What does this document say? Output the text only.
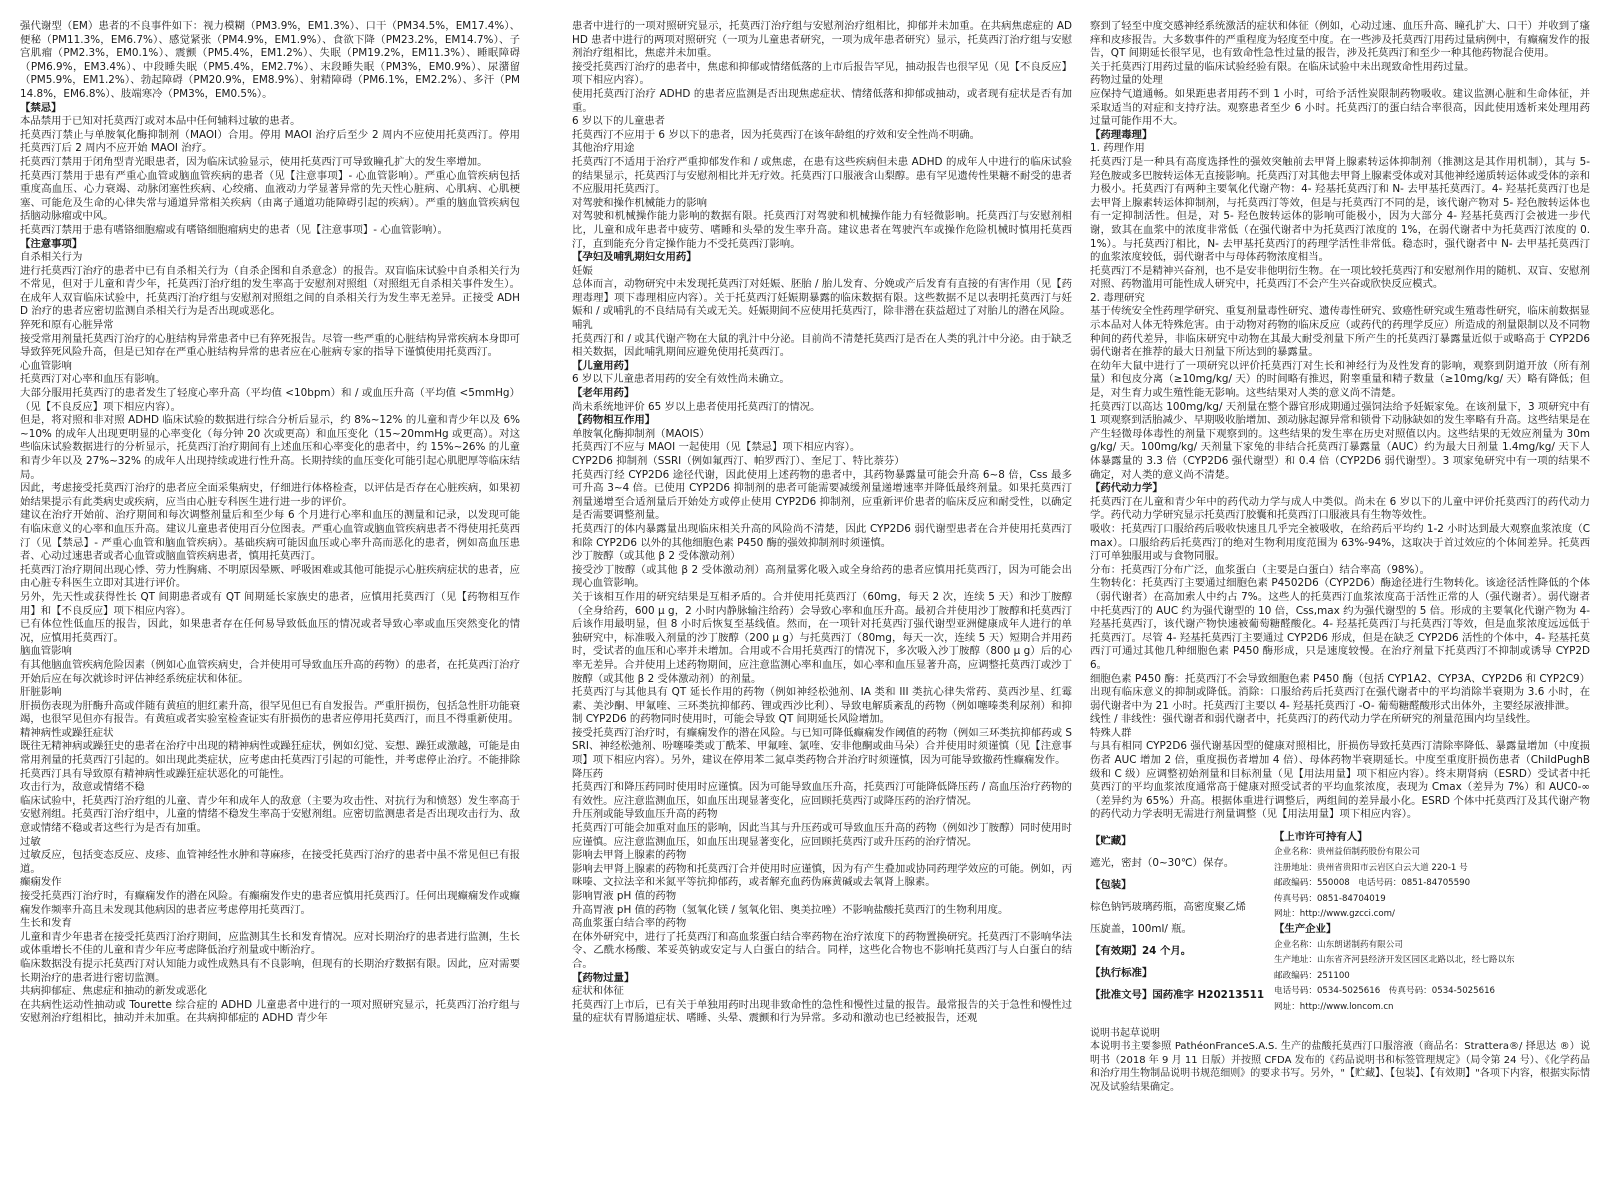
强代谢型（EM）患者的不良事件如下：视力模糊（PM3.9%，EM1.3%）、口干（PM34.5%，EM17.4%）、便秘（PM11.3%，EM6.7%）、感觉紧张（PM4.9%，EM1.9%）、食欲下降（PM23.2%，EM14.7%）、子宫肌瘤（PM2.3%，EM0.1%）、震颤（PM5.4%，EM1.2%）、失眠（PM19.2%，EM11.3%）、睡眠障碍（PM6.9%，EM3.4%）、中段睡失眠（PM5.4%，EM2.7%）、末段睡失眠（PM3%，EM0.9%）、尿潴留（PM5.9%，EM1.2%）、勃起障碍（PM20.9%，EM8.9%）、射精障碍（PM6.1%，EM2.2%）、多汗（PM14.8%，EM6.8%）、肢端寒冷（PM3%，EM0.5%）。

【禁忌】

本品禁用于已知对托莫西汀或对本品中任何辅料过敏的患者。

托莫西汀禁止与单胺氧化酶抑制剂（MAOI）合用。停用 MAOI 治疗后至少 2 周内不应使用托莫西汀。停用托莫西汀后 2 周内不应开始 MAOI 治疗。

托莫西汀禁用于闭角型青光眼患者，因为临床试验显示，使用托莫西汀可导致瞳孔扩大的发生率增加。

托莫西汀禁用于患有严重心血管或脑血管疾病的患者（见【注意事项】- 心血管影响）。严重心血管疾病包括重度高血压、心力衰竭、动脉闭塞性疾病、心绞痛、血液动力学显著异常的先天性心脏病、心肌病、心肌梗塞、可能危及生命的心律失常与通道异常相关疾病（由离子通道功能障碍引起的疾病）。严重的脑血管疾病包括脑动脉瘤或中风。

托莫西汀禁用于患有嗜铬细胞瘤或有嗜铬细胞瘤病史的患者（见【注意事项】- 心血管影响）。

【注意事项】

自杀相关行为

进行托莫西汀治疗的患者中已有自杀相关行为（自杀企图和自杀意念）的报告。双盲临床试验中自杀相关行为不常见，但对于儿童和青少年，托莫西汀治疗组的发生率高于安慰剂对照组（对照组无自杀相关事件发生）。在成年人双盲临床试验中，托莫西汀治疗组与安慰剂对照组之间的自杀相关行为发生率无差异。正接受 ADHD 治疗的患者应密切监测自杀相关行为是否出现或恶化。

猝死和原有心脏异常

接受常用剂量托莫西汀治疗的心脏结构异常患者中已有猝死报告。尽管一些严重的心脏结构异常疾病本身即可导致猝死风险升高，但是已知存在严重心脏结构异常的患者应在心脏病专家的指导下谨慎使用托莫西汀。

心血管影响

托莫西汀对心率和血压有影响。

大部分服用托莫西汀的患者发生了轻度心率升高（平均值 <10bpm）和 / 或血压升高（平均值 <5mmHg）（见【不良反应】项下相应内容）。

但是，将对照和非对照 ADHD 临床试验的数据进行综合分析后显示，约 8%~12% 的儿童和青少年以及 6%~10% 的成年人出现更明显的心率变化（每分钟 20 次或更高）和血压变化（15~20mmHg 或更高）。对这些临床试验数据进行的分析显示，托莫西汀治疗期间有上述血压和心率变化的患者中，约 15%~26% 的儿童和青少年以及 27%~32% 的成年人出现持续或进行性升高。长期持续的血压变化可能引起心肌肥厚等临床结局。

因此，考虑接受托莫西汀治疗的患者应全面采集病史，仔细进行体格检查，以评估是否存在心脏疾病，如果初始结果提示有此类病史或疾病，应当由心脏专科医生进行进一步的评价。

建议在治疗开始前、治疗期间和每次调整剂量后和至少每 6 个月进行心率和血压的测量和记录，以发现可能有临床意义的心率和血压升高。建议儿童患者使用百分位图表。严重心血管或脑血管疾病患者不得使用托莫西汀（见【禁忌】- 严重心血管和脑血管疾病）。基础疾病可能因血压或心率升高而恶化的患者，例如高血压患者、心动过速患者或者心血管或脑血管疾病患者，慎用托莫西汀。

托莫西汀治疗期间出现心悸、劳力性胸痛、不明原因晕厥、呼吸困难或其他可能提示心脏疾病症状的患者，应由心脏专科医生立即对其进行评价。

另外，先天性或获得性长 QT 间期患者或有 QT 间期延长家族史的患者，应慎用托莫西汀（见【药物相互作用】和【不良反应】项下相应内容）。

已有体位性低血压的报告，因此，如果患者存在任何易导致低血压的情况或者导致心率或血压突然变化的情况，应慎用托莫西汀。

脑血管影响

有其他脑血管疾病危险因素（例如心血管疾病史，合并使用可导致血压升高的药物）的患者，在托莫西汀治疗开始后应在每次就诊时评估神经系统症状和体征。

肝脏影响

肝损伤表现为肝酶升高或伴随有黄疸的胆红素升高，很罕见但已有自发报告。严重肝损伤，包括急性肝功能衰竭，也很罕见但亦有报告。有黄疸或者实验室检查证实有肝损伤的患者应停用托莫西汀，而且不得重新使用。

精神病性或躁狂症状

既往无精神病或躁狂史的患者在治疗中出现的精神病性或躁狂症状，例如幻觉、妄想、躁狂或激越，可能是由常用剂量的托莫西汀引起的。如出现此类症状，应考虑由托莫西汀引起的可能性，并考虑停止治疗。不能排除托莫西汀具有导致原有精神病性或躁狂症状恶化的可能性。

攻击行为，敌意或情绪不稳

临床试验中，托莫西汀治疗组的儿童、青少年和成年人的敌意（主要为攻击性、对抗行为和愤怒）发生率高于安慰剂组。托莫西汀治疗组中，儿童的情绪不稳发生率高于安慰剂组。应密切监测患者是否出现攻击行为、敌意或情绪不稳或者这些行为是否有加重。

过敏

过敏反应，包括变态反应、皮疹、血管神经性水肿和荨麻疹，在接受托莫西汀治疗的患者中虽不常见但已有报道。

癫痫发作

接受托莫西汀治疗时，有癫痫发作的潜在风险。有癫痫发作史的患者应慎用托莫西汀。任何出现癫痫发作或癫痫发作频率升高且未发现其他病因的患者应考虑停用托莫西汀。

生长和发育

儿童和青少年患者在接受托莫西汀治疗期间，应监测其生长和发育情况。应对长期治疗的患者进行监测，生长或体重增长不佳的儿童和青少年应考虑降低治疗剂量或中断治疗。

临床数据没有提示托莫西汀对认知能力或性成熟具有不良影响，但现有的长期治疗数据有限。因此，应对需要长期治疗的患者进行密切监测。

共病抑郁症、焦虑症和抽动的新发或恶化

在共病性运动性抽动或 Tourette 综合症的 ADHD 儿童患者中进行的一项对照研究显示，托莫西汀治疗组与安慰剂治疗组相比，抽动并未加重。在共病抑郁症的 ADHD 青少年

患者中进行的一项对照研究显示，托莫西汀治疗组与安慰剂治疗组相比，抑郁并未加重。在共病焦虑症的 ADHD 患者中进行的两项对照研究（一项为儿童患者研究，一项为成年患者研究）显示，托莫西汀治疗组与安慰剂治疗组相比，焦虑并未加重。

接受托莫西汀治疗的患者中，焦虑和抑郁或情绪低落的上市后报告罕见，抽动报告也很罕见（见【不良反应】项下相应内容）。

使用托莫西汀治疗 ADHD 的患者应监测是否出现焦虑症状、情绪低落和抑郁或抽动，或者现有症状是否有加重。

6 岁以下的儿童患者

托莫西汀不应用于 6 岁以下的患者，因为托莫西汀在该年龄组的疗效和安全性尚不明确。

其他治疗用途

托莫西汀不适用于治疗严重抑郁发作和 / 或焦虑，在患有这些疾病但未患 ADHD 的成年人中进行的临床试验的结果显示，托莫西汀与安慰剂相比并无疗效。托莫西汀口服液含山梨醇。患有罕见遗传性果糖不耐受的患者不应服用托莫西汀。

对驾驶和操作机械能力的影响

对驾驶和机械操作能力影响的数据有限。托莫西汀对驾驶和机械操作能力有轻微影响。托莫西汀与安慰剂相比，儿童和成年患者中疲劳、嗜睡和头晕的发生率升高。建议患者在驾驶汽车或操作危险机械时慎用托莫西汀，直到能充分肯定操作能力不受托莫西汀影响。

【孕妇及哺乳期妇女用药】

妊娠

总体而言，动物研究中未发现托莫西汀对妊娠、胚胎 / 胎儿发育、分娩或产后发育有直接的有害作用（见【药理毒理】项下毒理相应内容）。关于托莫西汀妊娠期暴露的临床数据有限。这些数据不足以表明托莫西汀与妊娠和 / 或哺乳的不良结局有关或无关。妊娠期间不应使用托莫西汀，除非潜在获益超过了对胎儿的潜在风险。

哺乳

托莫西汀和 / 或其代谢产物在大鼠的乳汁中分泌。目前尚不清楚托莫西汀是否在人类的乳汁中分泌。由于缺乏相关数据，因此哺乳期间应避免使用托莫西汀。

【儿童用药】

6 岁以下儿童患者用药的安全有效性尚未确立。

【老年用药】

尚未系统地评价 65 岁以上患者使用托莫西汀的情况。

【药物相互作用】

单胺氧化酶抑制剂（MAOIS）

托莫西汀不应与 MAOI 一起使用（见【禁忌】项下相应内容）。

CYP2D6 抑制剂（SSRI（例如氟西汀、帕罗西汀）、奎尼丁、特比萘芬）

托莫西汀经 CYP2D6 途径代谢，因此使用上述药物的患者中，其药物暴露量可能会升高 6~8 倍，Css 最多可升高 3~4 倍。已使用 CYP2D6 抑制剂的患者可能需要减缓剂量递增速率并降低最终剂量。如果托莫西汀剂量递增至合适剂量后开始处方或停止使用 CYP2D6 抑制剂，应重新评价患者的临床反应和耐受性，以确定是否需要调整剂量。

托莫西汀的体内暴露量出现临床相关升高的风险尚不清楚，因此 CYP2D6 弱代谢型患者在合并使用托莫西汀和除 CYP2D6 以外的其他细胞色素 P450 酶的强效抑制剂时须谨慎。

沙丁胺醇（或其他 β 2 受体激动剂）

接受沙丁胺醇（或其他 β 2 受体激动剂）高剂量雾化吸入或全身给药的患者应慎用托莫西汀，因为可能会出现心血管影响。

关于该相互作用的研究结果是互相矛盾的。合并使用托莫西汀（60mg，每天 2 次，连续 5 天）和沙丁胺醇（全身给药，600 μ g，2 小时内静脉输注给药）会导致心率和血压升高。最初合并使用沙丁胺醇和托莫西汀后该作用最明显，但 8 小时后恢复至基线值。然而，在一项针对托莫西汀强代谢型亚洲健康成年人进行的单独研究中，标准吸入剂量的沙丁胺醇（200 μ g）与托莫西汀（80mg，每天一次，连续 5 天）短期合并用药时，受试者的血压和心率并未增加。合用或不合用托莫西汀的情况下，多次吸入沙丁胺醇（800 μ g）后的心率无差异。合并使用上述药物期间，应注意监测心率和血压，如心率和血压显著升高，应调整托莫西汀或沙丁胺醇（或其他 β 2 受体激动剂）的剂量。

托莫西汀与其他具有 QT 延长作用的药物（例如神经松弛剂、IA 类和 III 类抗心律失常药、莫西沙星、红霉素、美沙酮、甲氟喹、三环类抗抑郁药、锂或西沙比利）、导致电解质紊乱的药物（例如噻嗪类利尿剂）和抑制 CYP2D6 的药物同时使用时，可能会导致 QT 间期延长风险增加。

接受托莫西汀治疗时，有癫痫发作的潜在风险。与已知可降低癫痫发作阈值的药物（例如三环类抗抑郁药或 SSRI、神经松弛剂、吩噻嗪类或丁酰苯、甲氟喹、氯喹、安非他酮或曲马朵）合并使用时须谨慎（见【注意事项】项下相应内容）。另外，建议在停用苯二氮卓类药物合并治疗时须谨慎，因为可能导致撤药性癫痫发作。

降压药

托莫西汀和降压药同时使用时应谨慎。因为可能导致血压升高，托莫西汀可能降低降压药 / 高血压治疗药物的有效性。应注意监测血压，如血压出现显著变化，应回顾托莫西汀或降压药的治疗情况。

升压剂或能导致血压升高的药物

托莫西汀可能会加重对血压的影响，因此当其与升压药或可导致血压升高的药物（例如沙丁胺醇）同时使用时应谨慎。应注意监测血压，如血压出现显著变化，应回顾托莫西汀或升压药的治疗情况。

影响去甲肾上腺素的药物

影响去甲肾上腺素的药物和托莫西汀合并使用时应谨慎，因为有产生叠加或协同药理学效应的可能。例如，丙咪嗪、文拉法辛和米氮平等抗抑郁药，或者解充血药伪麻黄碱或去氧肾上腺素。

影响胃液 pH 值的药物

升高胃液 pH 值的药物（氢氧化镁 / 氢氧化铝、奥美拉唑）不影响盐酸托莫西汀的生物利用度。

高血浆蛋白结合率的药物

在体外研究中，进行了托莫西汀和高血浆蛋白结合率药物在治疗浓度下的药物置换研究。托莫西汀不影响华法令、乙酰水杨酸、苯妥英钠或安定与人白蛋白的结合。同样，这些化合物也不影响托莫西汀与人白蛋白的结合。

【药物过量】

症状和体征

托莫西汀上市后，已有关于单独用药时出现非致命性的急性和慢性过量的报告。最常报告的关于急性和慢性过量的症状有胃肠道症状、嗜睡、头晕、震颤和行为异常。多动和激动也已经被报告，还观

察到了轻至中度交感神经系统激活的症状和体征（例如，心动过速、血压升高、瞳孔扩大、口干）并收到了瘙痒和皮疹报告。大多数事件的严重程度为轻度至中度。在一些涉及托莫西汀用药过量病例中，有癫痫发作的报告，QT 间期延长很罕见，也有致命性急性过量的报告，涉及托莫西汀和至少一种其他药物混合使用。

关于托莫西汀用药过量的临床试验经验有限。在临床试验中未出现致命性用药过量。

药物过量的处理

应保持气道通畅。如果距患者用药不到 1 小时，可给予活性炭限制药物吸收。建议监测心脏和生命体征，并采取适当的对症和支持疗法。观察患者至少 6 小时。托莫西汀的蛋白结合率很高，因此使用透析来处理用药过量可能作用不大。

【药理毒理】

1. 药理作用

托莫西汀是一种具有高度选择性的强效突触前去甲肾上腺素转运体抑制剂（推测这是其作用机制），其与 5- 羟色胺或多巴胺转运体无直接影响。托莫西汀对其他去甲肾上腺素受体或对其他神经递质转运体或受体的亲和力极小。托莫西汀有两种主要氧化代谢产物：4- 羟基托莫西汀和 N- 去甲基托莫西汀。4- 羟基托莫西汀也是去甲肾上腺素转运体抑制剂，与托莫西汀等效，但是与托莫西汀不同的是，该代谢产物对 5- 羟色胺转运体也有一定抑制活性。但是，对 5- 羟色胺转运体的影响可能极小，因为大部分 4- 羟基托莫西汀会被进一步代谢，致其在血浆中的浓度非常低（在强代谢者中为托莫西汀浓度的 1%，在弱代谢者中为托莫西汀浓度的 0.1%）。与托莫西汀相比，N- 去甲基托莫西汀的药理学活性非常低。稳态时，强代谢者中 N- 去甲基托莫西汀的血浆浓度较低，弱代谢者中与母体药物浓度相当。

托莫西汀不是精神兴奋剂，也不是安非他明衍生物。在一项比较托莫西汀和安慰剂作用的随机、双盲、安慰剂对照、药物滥用可能性成人研究中，托莫西汀不会产生兴奋或欣快反应模式。

2. 毒理研究

基于传统安全性药理学研究、重复剂量毒性研究、遗传毒性研究、致癌性研究或生殖毒性研究，临床前数据显示本品对人体无特殊危害。由于动物对药物的临床反应（或药代的药理学反应）所造成的剂量限制以及不同物种间的药代差异，非临床研究中动物在其最大耐受剂量下所产生的托莫西汀暴露量近似于或略高于 CYP2D6 弱代谢者在推荐的最大日剂量下所达到的暴露量。

在幼年大鼠中进行了一项研究以评价托莫西汀对生长和神经行为及性发育的影响，观察到阴道开放（所有剂量）和包皮分离（≥10mg/kg/ 天）的时间略有推迟，附睾重量和精子数量（≥10mg/kg/ 天）略有降低；但是，对生育力或生殖性能无影响。这些结果对人类的意义尚不清楚。

托莫西汀以高达 100mg/kg/ 天剂量在整个器官形成期通过强饲法给予妊娠家兔。在该剂量下，3 项研究中有 1 项观察到活胎减少、早期吸收胎增加、颈动脉起源异常和锁骨下动脉缺如的发生率略有升高。这些结果是在产生轻微母体毒性的剂量下观察到的。这些结果的发生率在历史对照值以内。这些结果的无效应剂量为 30mg/kg/ 天。100mg/kg/ 天剂量下家兔的非结合托莫西汀暴露量（AUC）约为最大日剂量 1.4mg/kg/ 天下人体暴露量的 3.3 倍（CYP2D6 强代谢型）和 0.4 倍（CYP2D6 弱代谢型）。3 项家兔研究中有一项的结果不确定，对人类的意义尚不清楚。

【药代动力学】

托莫西汀在儿童和青少年中的药代动力学与成人中类似。尚未在 6 岁以下的儿童中评价托莫西汀的药代动力学。药代动力学研究显示托莫西汀胶囊和托莫西汀口服液具有生物等效性。

吸收：托莫西汀口服给药后吸收快速且几乎完全被吸收，在给药后平均约 1-2 小时达到最大观察血浆浓度（Cmax）。口服给药后托莫西汀的绝对生物利用度范围为 63%-94%，这取决于首过效应的个体间差异。托莫西汀可单独服用或与食物同服。

分布：托莫西汀分布广泛，血浆蛋白（主要是白蛋白）结合率高（98%）。

生物转化：托莫西汀主要通过细胞色素 P4502D6（CYP2D6）酶途径进行生物转化。该途径活性降低的个体（弱代谢者）在高加索人中约占 7%。这些人的托莫西汀血浆浓度高于活性正常的人（强代谢者）。弱代谢者中托莫西汀的 AUC 约为强代谢型的 10 倍，Css,max 约为强代谢型的 5 倍。形成的主要氧化代谢产物为 4- 羟基托莫西汀，该代谢产物快速被葡萄糖醛酸化。4- 羟基托莫西汀与托莫西汀等效，但是血浆浓度远远低于托莫西汀。尽管 4- 羟基托莫西汀主要通过 CYP2D6 形成，但是在缺乏 CYP2D6 活性的个体中，4- 羟基托莫西汀可通过其他几种细胞色素 P450 酶形成，只是速度较慢。在治疗剂量下托莫西汀不抑制或诱导 CYP2D6。

细胞色素 P450 酶：托莫西汀不会导致细胞色素 P450 酶（包括 CYP1A2、CYP3A、CYP2D6 和 CYP2C9）出现有临床意义的抑制或降低。消除：口服给药后托莫西汀在强代谢者中的平均消除半衰期为 3.6 小时，在弱代谢者中为 21 小时。托莫西汀主要以 4- 羟基托莫西汀 -O- 葡萄糖醛酸形式出体外，主要经尿液排泄。

线性 / 非线性：强代谢者和弱代谢者中，托莫西汀的药代动力学在所研究的剂量范围内均呈线性。

特殊人群

与具有相同 CYP2D6 强代谢基因型的健康对照相比，肝损伤导致托莫西汀清除率降低、暴露量增加（中度损伤者 AUC 增加 2 倍，重度损伤者增加 4 倍）、母体药物半衰期延长。中度至重度肝损伤患者（ChildPughB 级和 C 级）应调整初始剂量和目标剂量（见【用法用量】项下相应内容）。终末期肾病（ESRD）受试者中托莫西汀的平均血浆浓度通常高于健康对照受试者的平均血浆浓度，表现为 Cmax（差异为 7%）和 AUC0-∞（差异约为 65%）升高。根据体重进行调整后，两组间的差异最小化。ESRD 个体中托莫西汀及其代谢产物的药代动力学表明无需进行剂量调整（见【用法用量】项下相应内容）。

【贮藏】

遮光，密封（0~30℃）保存。

【包装】

棕色钠钙玻璃药瓶，高密度聚乙烯

压旋盖，100ml/ 瓶。

【有效期】24 个月。

【执行标准】

【批准文号】国药准字 H20213511

【上市许可持有人】

企业名称：贵州益佰制药股份有限公司

注册地址：贵州省贵阳市云岩区白云大道 220-1 号

邮政编码：550008　电话号码：0851-84705590

传真号码：0851-84704019

网址：http://www.gzcci.com/

【生产企业】

企业名称：山东朗诺制药有限公司

生产地址：山东省齐河县经济开发区园区北路以北，经七路以东

邮政编码：251100

电话号码：0534-5025616　传真号码：0534-5025616

网址：http://www.loncom.cn

说明书起草说明

本说明书主要参照 PathéonFranceS.A.S. 生产的盐酸托莫西汀口服溶液（商品名：Strattera®/ 择思达 ®）说明书（2018 年 9 月 11 日版）并按照 CFDA 发布的《药品说明书和标签管理规定》（局令第 24 号）、《化学药品和治疗用生物制品说明书规范细则》的要求书写。另外，"【贮藏】、【包装】、【有效期】"各项下内容，根据实际情况及试验结果确定。
